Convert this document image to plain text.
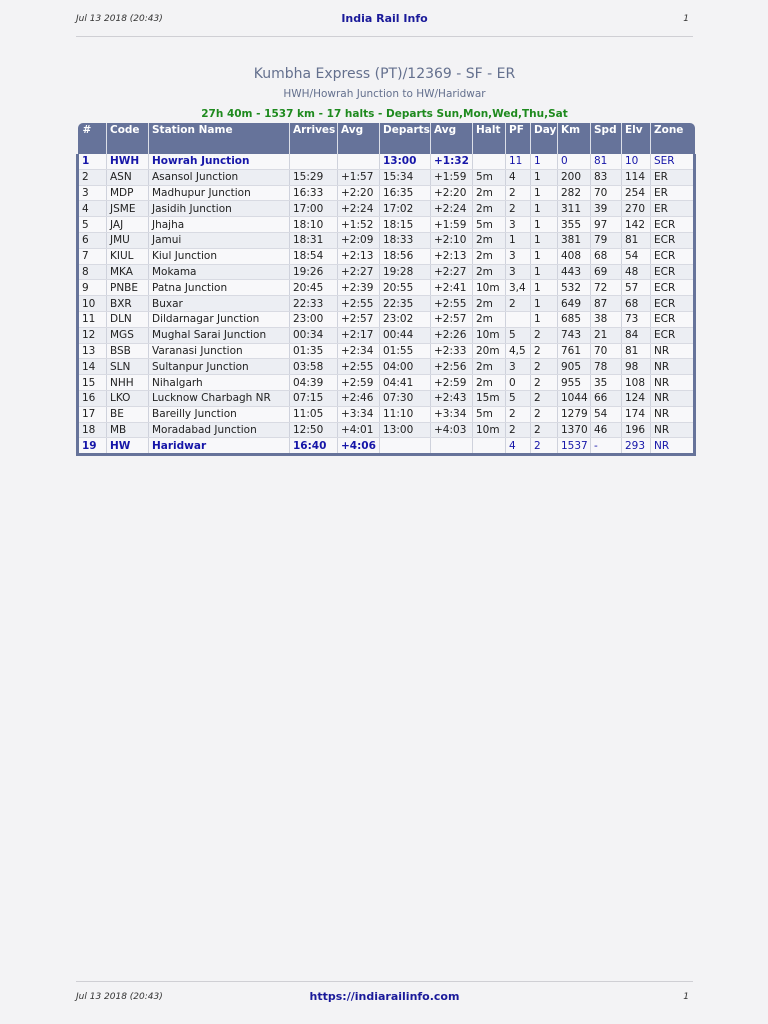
Jul 13 2018 (20:43)	India Rail Info	1
Kumbha Express (PT)/12369 - SF - ER
HWH/Howrah Junction to HW/Haridwar
27h 40m - 1537 km - 17 halts - Departs Sun,Mon,Wed,Thu,Sat
#	Code	Station Name	Arrives	Avg	Departs	Avg	Halt	PF	Day	Km	Spd	Elv	Zone
1	HWH	Howrah Junction			13:00	+1:32		11	1	0	81	10	SER
2	ASN	Asansol Junction	15:29	+1:57	15:34	+1:59	5m	4	1	200	83	114	ER
3	MDP	Madhupur Junction	16:33	+2:20	16:35	+2:20	2m	2	1	282	70	254	ER
4	JSME	Jasidih Junction	17:00	+2:24	17:02	+2:24	2m	2	1	311	39	270	ER
5	JAJ	Jhajha	18:10	+1:52	18:15	+1:59	5m	3	1	355	97	142	ECR
6	JMU	Jamui	18:31	+2:09	18:33	+2:10	2m	1	1	381	79	81	ECR
7	KIUL	Kiul Junction	18:54	+2:13	18:56	+2:13	2m	3	1	408	68	54	ECR
8	MKA	Mokama	19:26	+2:27	19:28	+2:27	2m	3	1	443	69	48	ECR
9	PNBE	Patna Junction	20:45	+2:39	20:55	+2:41	10m	3,4	1	532	72	57	ECR
10	BXR	Buxar	22:33	+2:55	22:35	+2:55	2m	2	1	649	87	68	ECR
11	DLN	Dildarnagar Junction	23:00	+2:57	23:02	+2:57	2m		1	685	38	73	ECR
12	MGS	Mughal Sarai Junction	00:34	+2:17	00:44	+2:26	10m	5	2	743	21	84	ECR
13	BSB	Varanasi Junction	01:35	+2:34	01:55	+2:33	20m	4,5	2	761	70	81	NR
14	SLN	Sultanpur Junction	03:58	+2:55	04:00	+2:56	2m	3	2	905	78	98	NR
15	NHH	Nihalgarh	04:39	+2:59	04:41	+2:59	2m	0	2	955	35	108	NR
16	LKO	Lucknow Charbagh NR	07:15	+2:46	07:30	+2:43	15m	5	2	1044	66	124	NR
17	BE	Bareilly Junction	11:05	+3:34	11:10	+3:34	5m	2	2	1279	54	174	NR
18	MB	Moradabad Junction	12:50	+4:01	13:00	+4:03	10m	2	2	1370	46	196	NR
19	HW	Haridwar	16:40	+4:06				4	2	1537	-	293	NR
Jul 13 2018 (20:43)	https://indiarailinfo.com	1
